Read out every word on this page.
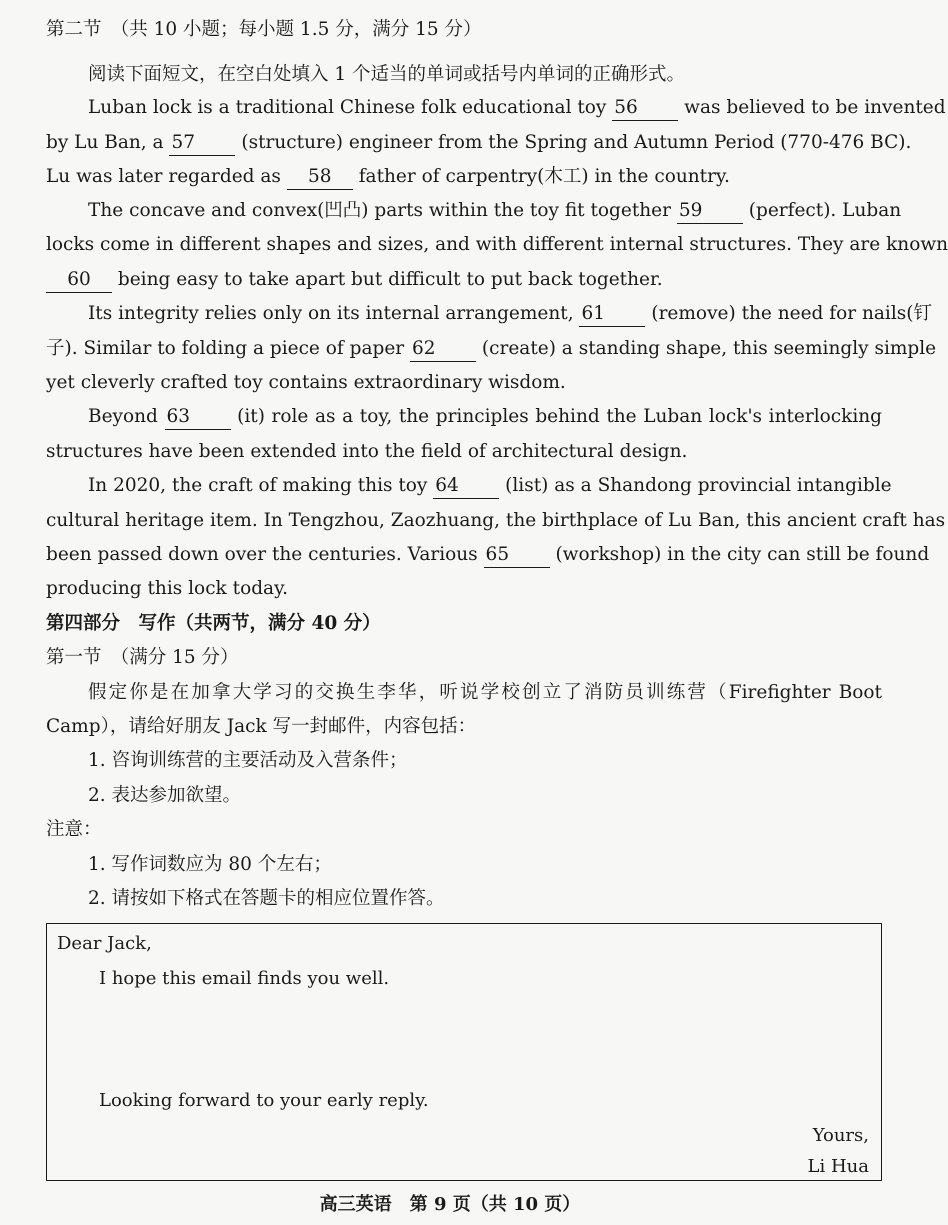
第二节　（共 10 小题；每小题 1.5 分，满分 15 分）
阅读下面短文，在空白处填入 1 个适当的单词或括号内单词的正确形式。
Luban lock is a traditional Chinese folk educational toy 56	was believed to be invented
by Lu Ban, a 57	(structure) engineer from the Spring and Autumn Period (770-476 BC).
Lu was later regarded as 58 father of carpentry(木工) in the country.
The concave and convex(凹凸) parts within the toy fit together 59	(perfect). Luban
locks come in different shapes and sizes, and with different internal structures. They are known
60 being easy to take apart but difficult to put back together.
Its integrity relies only on its internal arrangement, 61	(remove) the need for nails(钉
子). Similar to folding a piece of paper 62	(create) a standing shape, this seemingly simple
yet cleverly crafted toy contains extraordinary wisdom.
Beyond 63	(it) role as a toy, the principles behind the Luban lock's interlocking
structures have been extended into the field of architectural design.
In 2020, the craft of making this toy 64	(list) as a Shandong provincial intangible
cultural heritage item. In Tengzhou, Zaozhuang, the birthplace of Lu Ban, this ancient craft has
been passed down over the centuries. Various 65	(workshop) in the city can still be found
producing this lock today.
第四部分　写作（共两节，满分 40 分）
第一节　（满分 15 分）
假定你是在加拿大学习的交换生李华，听说学校创立了消防员训练营（Firefighter Boot
Camp），请给好朋友 Jack 写一封邮件，内容包括：
1. 咨询训练营的主要活动及入营条件；
2. 表达参加欲望。
注意：
1. 写作词数应为 80 个左右；
2. 请按如下格式在答题卡的相应位置作答。
Dear Jack,
I hope this email finds you well.
Looking forward to your early reply.
Yours,
Li Hua
高三英语　第 9 页（共 10 页）
